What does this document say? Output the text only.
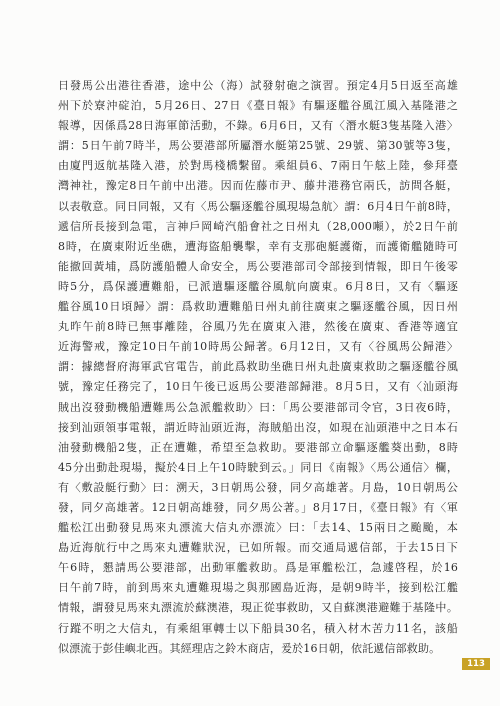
日發馬公出港往香港，途中公（海）試發射砲之演習。預定4月5日返至高雄
州下於寮沖碇泊，5月26日、27日《臺日報》有驅逐艦谷風江風入基隆港之
報導，因係爲28日海軍節活動，不錄。6月6日，又有〈潛水艇3隻基隆入港〉
謂：5日午前7時半，馬公要港部所屬潛水艇第25號、29號、第30號等3隻，
由廈門返航基隆入港，於對馬棧橋繫留。乘組員6、7兩日午舷上陸，參拜臺
灣神社，豫定8日午前中出港。因而佐藤市尹、藤井港務官兩氏，訪問各艇，
以表敬意。同日同報，又有〈馬公驅逐艦谷風現場急航〉謂：6月4日午前8時，
遞信所長接到急電，言神戶岡崎汽船會社之日州丸（28,000噸），於2日午前
8時，在廣東附近坐礁，遭海盜船襲擊，幸有支那砲艇護衛，而護衛艦隨時可
能撤回黃埔，爲防護船體人命安全，馬公要港部司令部接到情報，即日午後零
時5分，爲保護遭難船，已派遣驅逐艦谷風航向廣東。6月8日，又有〈驅逐
艦谷風10日頃歸〉謂：爲救助遭難船日州丸前往廣東之驅逐艦谷風，因日州
丸昨午前8時已無事離陸，谷風乃先在廣東入港，然後在廣東、香港等適宜
近海警戒，豫定10日午前10時馬公歸著。6月12日，又有〈谷風馬公歸港〉
謂：據總督府海軍武官電告，前此爲救助坐礁日州丸赴廣東救助之驅逐艦谷風
號，豫定任務完了，10日午後已返馬公要港部歸港。8月5日，又有〈汕頭海
賊出沒發動機船遭難馬公急派艦救助〉曰：「馬公要港部司令官，3日夜6時，
接到汕頭領事電報，謂近時汕頭近海，海賊船出沒，如現在汕頭港中之日本石
油發動機船2隻，正在遭難，希望至急救助。要港部立命驅逐艦葵出動，8時
45分出動赴現場，擬於4日上午10時駛到云。」同日《南報》〈馬公通信〉欄，
有〈敷設艇行動〉曰：溯天，3日朝馬公發，同夕高雄著。月島，10日朝馬公
發，同夕高雄著。12日朝高雄發，同夕馬公著。」8月17日，《臺日報》有〈軍
艦松江出動發見馬來丸漂流大信丸亦漂流〉曰：「去14、15兩日之颱颱，本
島近海航行中之馬來丸遭難狀況，已如所報。而交通局遞信部，于去15日下
午6時，懇請馬公要港部，出動軍艦救助。爲是軍艦松江，急遽啓程，於16
日午前7時，前到馬來丸遭難現場之與那國島近海，是朝9時半，接到松江艦
情報，謂發見馬來丸漂流於蘇澳港，現正從事救助，又自蘇澳港避難于基隆中。
行蹤不明之大信丸，有乘組軍轉士以下船員30名，積入材木苦力11名，該船
似漂流于彭佳嶼北西。其經理店之鈴木商店，爰於16日朝，依託遞信部救助。
113
